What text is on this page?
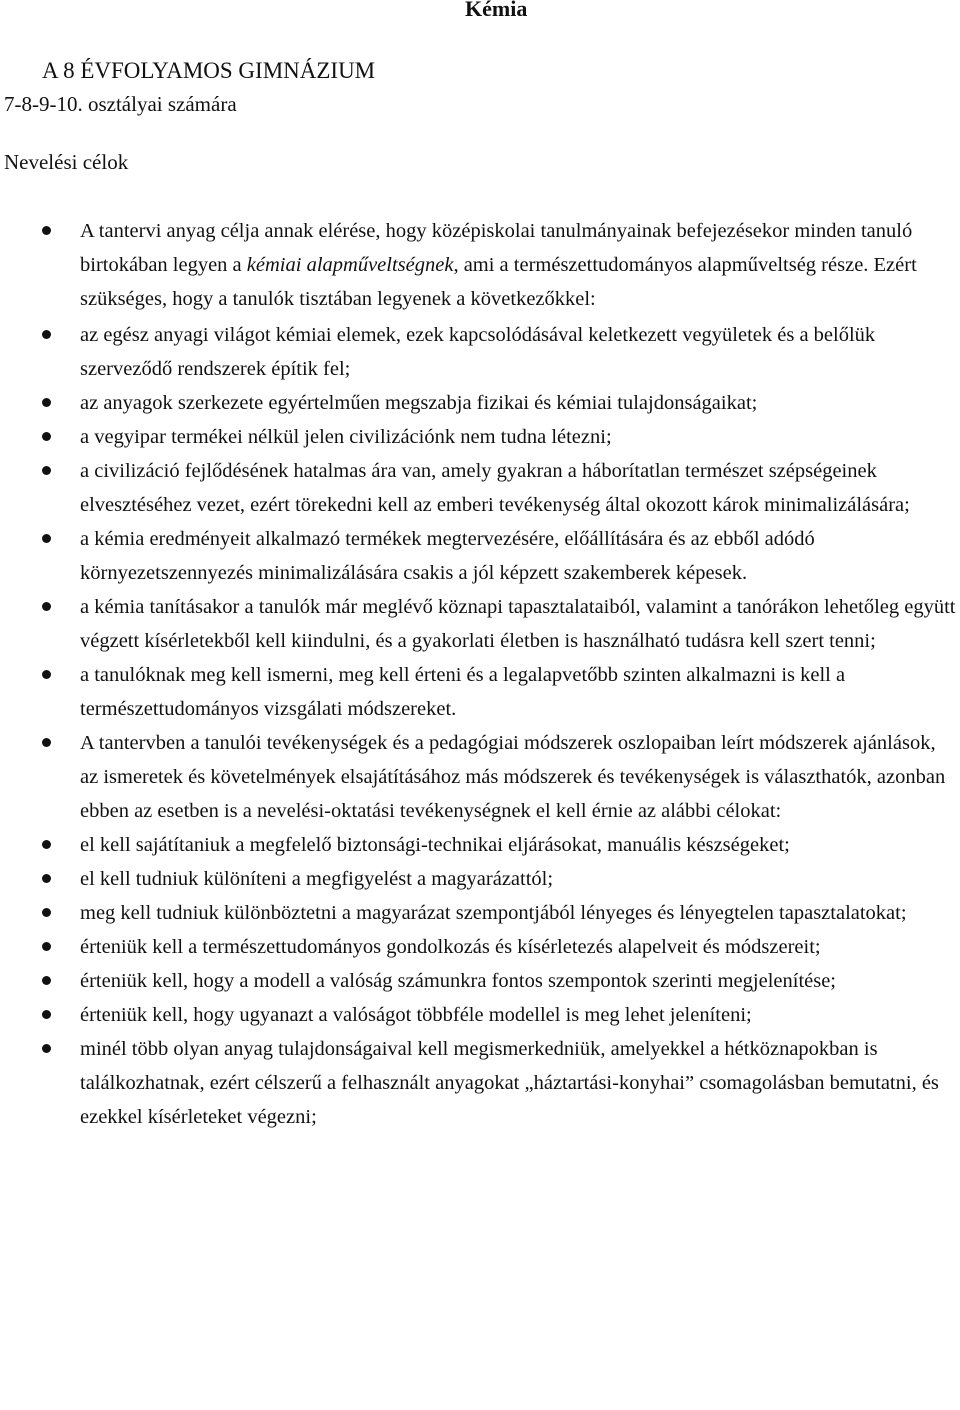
Kémia
A 8 ÉVFOLYAMOS GIMNÁZIUM
7-8-9-10. osztályai számára
Nevelési célok
A tantervi anyag célja annak elérése, hogy középiskolai tanulmányainak befejezésekor minden tanuló birtokában legyen a kémiai alapműveltségnek, ami a természettudományos alapműveltség része. Ezért szükséges, hogy a tanulók tisztában legyenek a következőkkel:
az egész anyagi világot kémiai elemek, ezek kapcsolódásával keletkezett vegyületek és a belőlük szerveződő rendszerek építik fel;
az anyagok szerkezete egyértelműen megszabja fizikai és kémiai tulajdonságaikat;
a vegyipar termékei nélkül jelen civilizációnk nem tudna létezni;
a civilizáció fejlődésének hatalmas ára van, amely gyakran a háborítatlan természet szépségeinek elvesztéséhez vezet, ezért törekedni kell az emberi tevékenység által okozott károk minimalizálására;
a kémia eredményeit alkalmazó termékek megtervezésére, előállítására és az ebből adódó környezetszennyezés minimalizálására csakis a jól képzett szakemberek képesek.
a kémia tanításakor a tanulók már meglévő köznapi tapasztalataiból, valamint a tanórákon lehetőleg együtt végzett kísérletekből kell kiindulni, és a gyakorlati életben is használható tudásra kell szert tenni;
a tanulóknak meg kell ismerni, meg kell érteni és a legalapvetőbb szinten alkalmazni is kell a természettudományos vizsgálati módszereket.
A tantervben a tanulói tevékenységek és a pedagógiai módszerek oszlopaiban leírt módszerek ajánlások, az ismeretek és követelmények elsajátításához más módszerek és tevékenységek is választhatók, azonban ebben az esetben is a nevelési-oktatási tevékenységnek el kell érnie az alábbi célokat:
el kell sajátítaniuk a megfelelő biztonsági-technikai eljárásokat, manuális készségeket;
el kell tudniuk különíteni a megfigyelést a magyarázattól;
meg kell tudniuk különböztetni a magyarázat szempontjából lényeges és lényegtelen tapasztalatokat;
érteniük kell a természettudományos gondolkozás és kísérletezés alapelveit és módszereit;
érteniük kell, hogy a modell a valóság számunkra fontos szempontok szerinti megjelenítése;
érteniük kell, hogy ugyanazt a valóságot többféle modellel is meg lehet jeleníteni;
minél több olyan anyag tulajdonságaival kell megismerkedniük, amelyekkel a hétköznapokban is találkozhatnak, ezért célszerű a felhasznált anyagokat „háztartási-konyhai” csomagolásban bemutatni, és ezekkel kísérleteket végezni;
